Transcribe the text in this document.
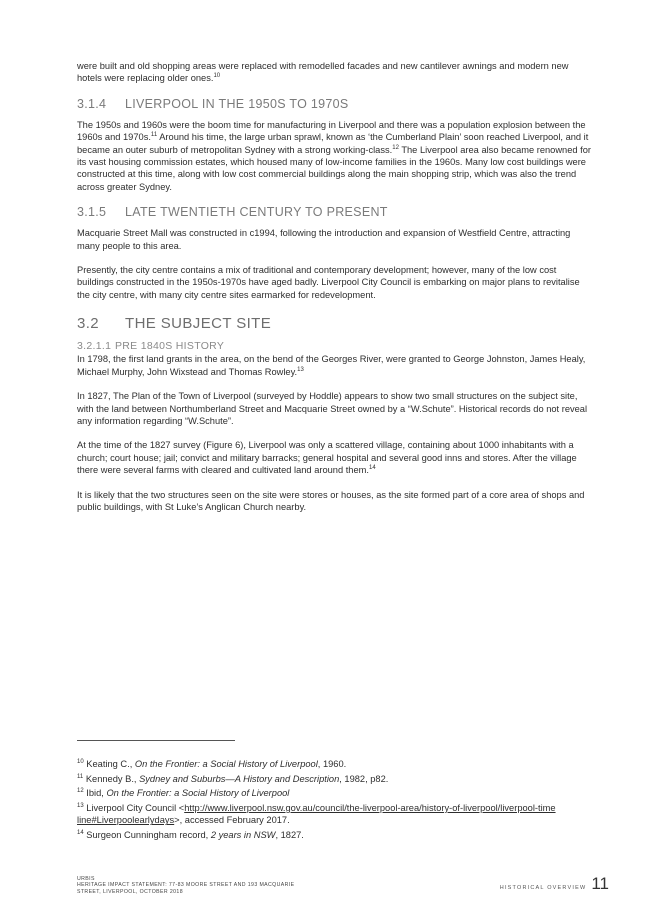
were built and old shopping areas were replaced with remodelled facades and new cantilever awnings and modern new hotels were replacing older ones.$^{10}$

3.1.4 LIVERPOOL IN THE 1950S TO 1970S

The 1950s and 1960s were the boom time for manufacturing in Liverpool and there was a population explosion between the 1960s and 1970s.$^{11}$ Around his time, the large urban sprawl, known as ‘the Cumberland Plain’ soon reached Liverpool, and it became an outer suburb of metropolitan Sydney with a strong working-class.$^{12}$ The Liverpool area also became renowned for its vast housing commission estates, which housed many of low-income families in the 1960s. Many low cost buildings were constructed at this time, along with low cost commercial buildings along the main shopping strip, which was also the trend across greater Sydney.

3.1.5 LATE TWENTIETH CENTURY TO PRESENT

Macquarie Street Mall was constructed in c1994, following the introduction and expansion of Westfield Centre, attracting many people to this area.

Presently, the city centre contains a mix of traditional and contemporary development; however, many of the low cost buildings constructed in the 1950s-1970s have aged badly. Liverpool City Council is embarking on major plans to revitalise the city centre, with many city centre sites earmarked for redevelopment.

3.2 THE SUBJECT SITE
3.2.1.1 PRE 1840S HISTORY

In 1798, the first land grants in the area, on the bend of the Georges River, were granted to George Johnston, James Healy, Michael Murphy, John Wixstead and Thomas Rowley.$^{13}$

In 1827, The Plan of the Town of Liverpool (surveyed by Hoddle) appears to show two small structures on the subject site, with the land between Northumberland Street and Macquarie Street owned by a “W.Schute”. Historical records do not reveal any information regarding “W.Schute”.

At the time of the 1827 survey (Figure 6), Liverpool was only a scattered village, containing about 1000 inhabitants with a church; court house; jail; convict and military barracks; general hospital and several good inns and stores. After the village there were several farms with cleared and cultivated land around them.$^{14}$

It is likely that the two structures seen on the site were stores or houses, as the site formed part of a core area of shops and public buildings, with St Luke’s Anglican Church nearby.

$^{10}$ Keating C., On the Frontier: a Social History of Liverpool, 1960.

$^{11}$ Kennedy B., Sydney and Suburbs—A History and Description, 1982, p82.

$^{12}$ Ibid, On the Frontier: a Social History of Liverpool

$^{13}$ Liverpool City Council <http://www.liverpool.nsw.gov.au/council/the-liverpool-area/history-of-liverpool/liverpool-timeline#Liverpoolearlydays>, accessed February 2017.

$^{14}$ Surgeon Cunningham record, 2 years in NSW, 1827.

URBIS
HERITAGE IMPACT STATEMENT: 77-83 MOORE STREET AND 193 MACQUARIE
STREET, LIVERPOOL, OCTOBER 2018
HISTORICAL OVERVIEW 11
